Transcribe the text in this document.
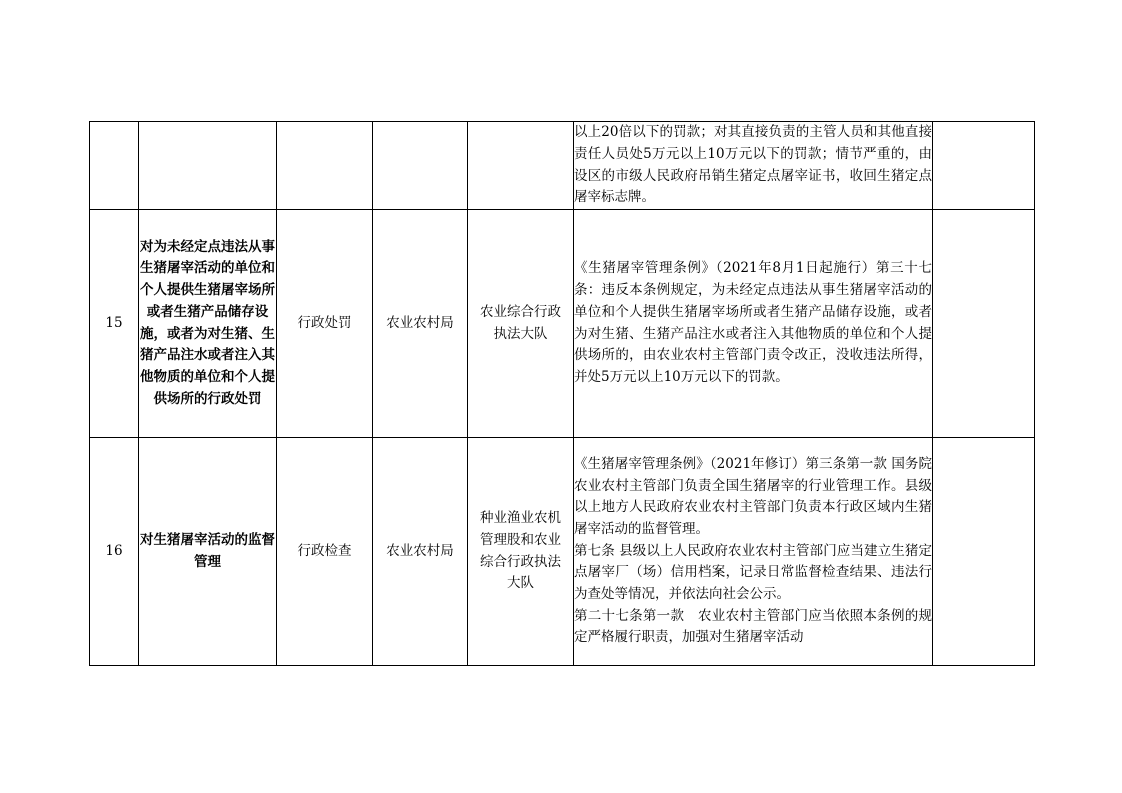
					以上20倍以下的罚款；对其直接负责的主管人员和其他直接责任人员处5万元以上10万元以下的罚款；情节严重的，由设区的市级人民政府吊销生猪定点屠宰证书，收回生猪定点屠宰标志牌。	

15	对为未经定点违法从事生猪屠宰活动的单位和个人提供生猪屠宰场所或者生猪产品储存设施，或者为对生猪、生猪产品注水或者注入其他物质的单位和个人提供场所的行政处罚	行政处罚	农业农村局	农业综合行政执法大队	《生猪屠宰管理条例》（2021年8月1日起施行）第三十七条：违反本条例规定，为未经定点违法从事生猪屠宰活动的单位和个人提供生猪屠宰场所或者生猪产品储存设施，或者为对生猪、生猪产品注水或者注入其他物质的单位和个人提供场所的，由农业农村主管部门责令改正，没收违法所得，并处5万元以上10万元以下的罚款。	

16	对生猪屠宰活动的监督管理	行政检查	农业农村局	种业渔业农机管理股和农业综合行政执法大队	《生猪屠宰管理条例》（2021年修订）第三条第一款 国务院农业农村主管部门负责全国生猪屠宰的行业管理工作。县级以上地方人民政府农业农村主管部门负责本行政区域内生猪屠宰活动的监督管理。

第七条 县级以上人民政府农业农村主管部门应当建立生猪定点屠宰厂（场）信用档案，记录日常监督检查结果、违法行为查处等情况，并依法向社会公示。

第二十七条第一款　农业农村主管部门应当依照本条例的规定严格履行职责，加强对生猪屠宰活动	
